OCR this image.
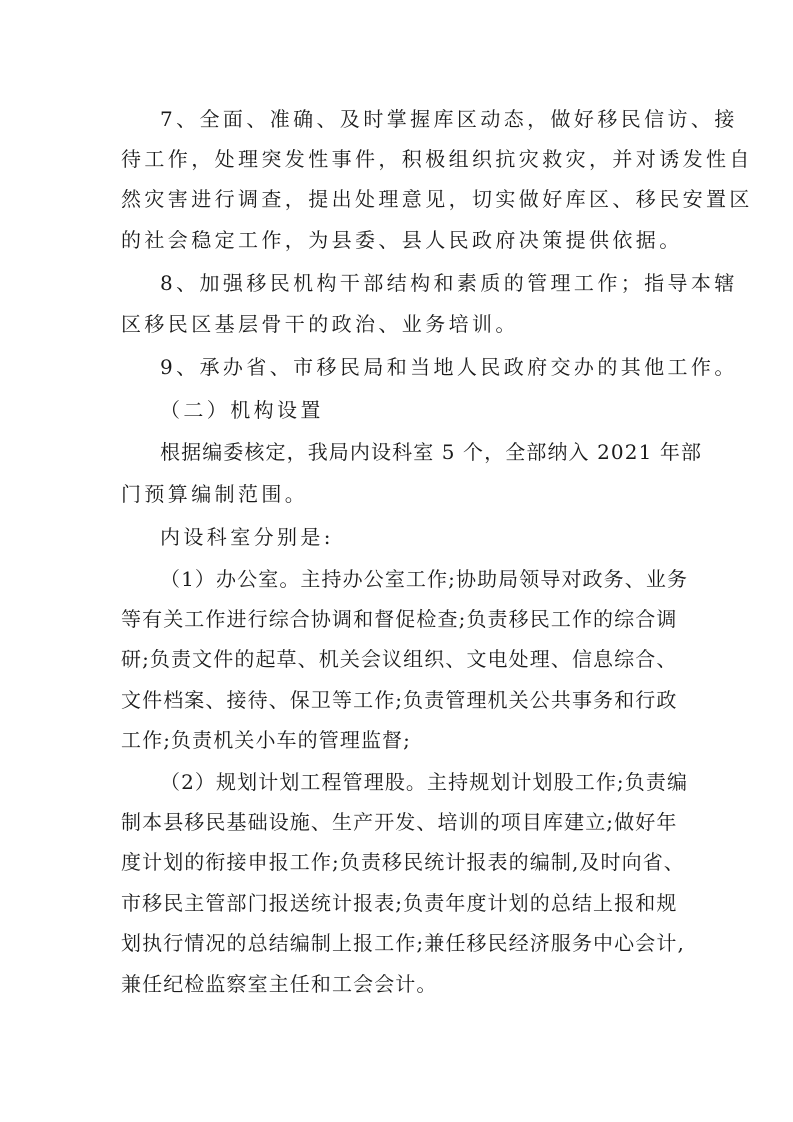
7、全面、准确、及时掌握库区动态，做好移民信访、接
待工作，处理突发性事件，积极组织抗灾救灾，并对诱发性自
然灾害进行调查，提出处理意见，切实做好库区、移民安置区
的社会稳定工作，为县委、县人民政府决策提供依据。
8、加强移民机构干部结构和素质的管理工作；指导本辖
区移民区基层骨干的政治、业务培训。
9、承办省、市移民局和当地人民政府交办的其他工作。
（二）机构设置
根据编委核定，我局内设科室 5 个，全部纳入 2021 年部
门预算编制范围。
内设科室分别是:
（1）办公室。主持办公室工作;协助局领导对政务、业务
等有关工作进行综合协调和督促检查;负责移民工作的综合调
研;负责文件的起草、机关会议组织、文电处理、信息综合、
文件档案、接待、保卫等工作;负责管理机关公共事务和行政
工作;负责机关小车的管理监督;
（2）规划计划工程管理股。主持规划计划股工作;负责编
制本县移民基础设施、生产开发、培训的项目库建立;做好年
度计划的衔接申报工作;负责移民统计报表的编制,及时向省、
市移民主管部门报送统计报表;负责年度计划的总结上报和规
划执行情况的总结编制上报工作;兼任移民经济服务中心会计,
兼任纪检监察室主任和工会会计。
